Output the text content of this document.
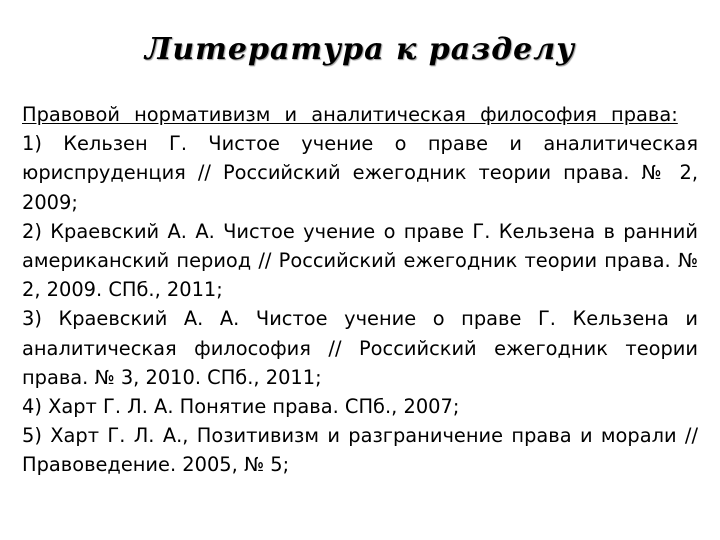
Литература к разделу

Правовой нормативизм и аналитическая философия права:

1) Кельзен Г. Чистое учение о праве и аналитическая юриспруденция // Российский ежегодник теории права. № 2, 2009;

2) Краевский А. А. Чистое учение о праве Г. Кельзена в ранний американский период // Российский ежегодник теории права. № 2, 2009. СПб., 2011;

3) Краевский А. А. Чистое учение о праве Г. Кельзена и аналитическая философия // Российский ежегодник теории права. № 3, 2010. СПб., 2011;

4) Харт Г. Л. А. Понятие права. СПб., 2007;

5) Харт Г. Л. А., Позитивизм и разграничение права и морали //Правоведение. 2005, № 5;
